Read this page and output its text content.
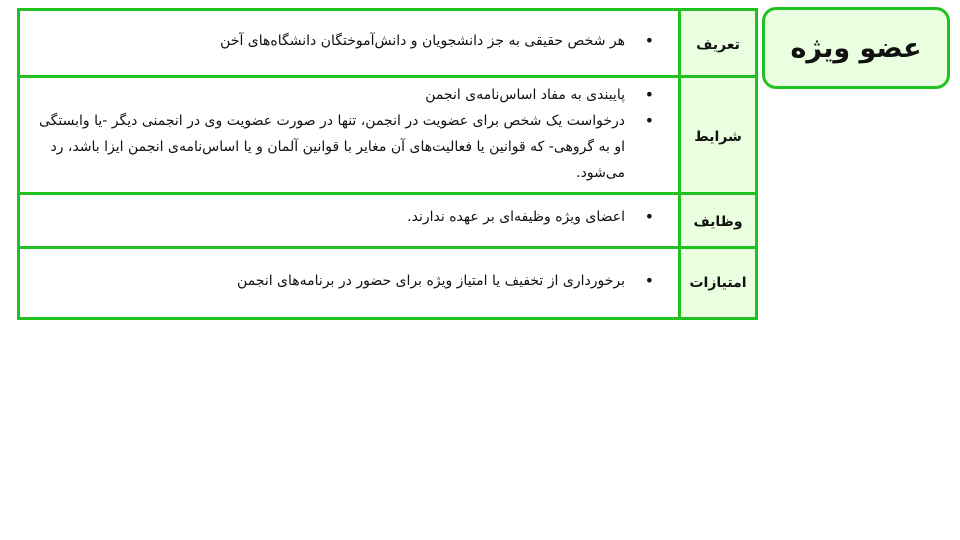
عضو ویژه
تعریف
• هر شخص حقیقی به جز دانشجویان و دانش‌آموختگان دانشگاه‌های آخن
شرایط
• پایبندی به مفاد اساس‌نامه‌ی انجمن
• درخواست یک شخص برای عضویت در انجمن، تنها در صورت عضویت وی در انجمنی دیگر -یا وابستگی او به گروهی- که قوانین یا فعالیت‌های آن مغایر با قوانین آلمان و یا اساس‌نامه‌ی انجمن ایزا باشد، رد می‌شود.
وظایف
• اعضای ویژه وظیفه‌ای بر عهده ندارند.
امتیازات
• برخورداری از تخفیف یا امتیاز ویژه برای حضور در برنامه‌های انجمن
